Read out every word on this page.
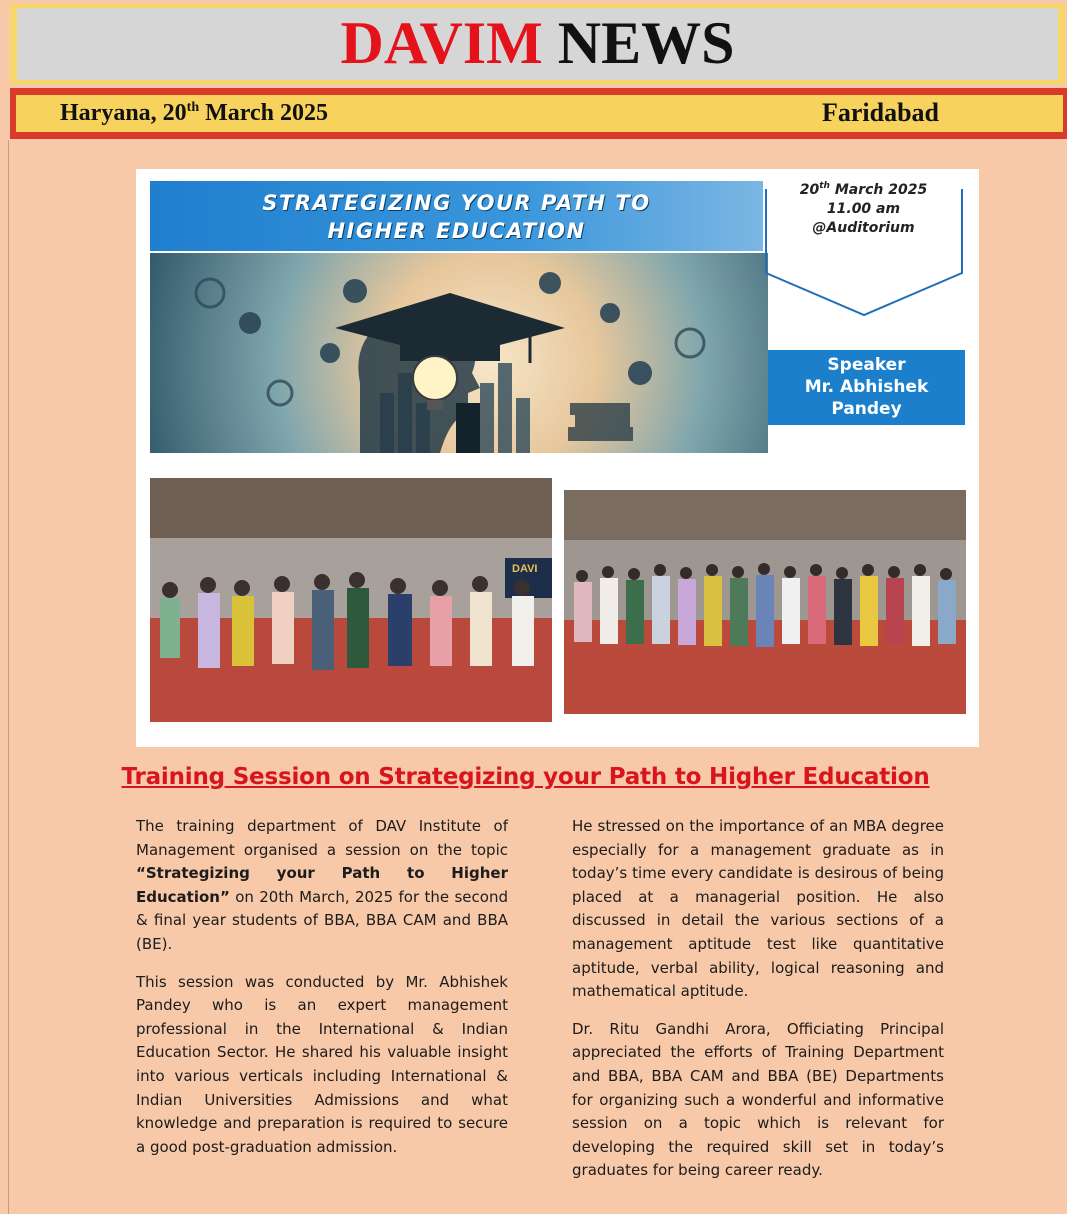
DAVIM NEWS
Haryana, 20th March 2025	Faridabad
STRATEGIZING YOUR PATH TO
HIGHER EDUCATION
20th March 2025
11.00 am
@Auditorium
Speaker
Mr. Abhishek
Pandey
DAVI
Training Session on Strategizing your Path to Higher Education

The training department of DAV Institute of Management organised a session on the topic “Strategizing your Path to Higher Education” on 20th March, 2025 for the second & final year students of BBA, BBA CAM and BBA (BE).

This session was conducted by Mr. Abhishek Pandey who is an expert management professional in the International & Indian Education Sector. He shared his valuable insight into various verticals including International & Indian Universities Admissions and what knowledge and preparation is required to secure a good post-graduation admission.

He stressed on the importance of an MBA degree especially for a management graduate as in today’s time every candidate is desirous of being placed at a managerial position. He also discussed in detail the various sections of a management aptitude test like quantitative aptitude, verbal ability, logical reasoning and mathematical aptitude.

Dr. Ritu Gandhi Arora, Officiating Principal appreciated the efforts of Training Department and BBA, BBA CAM and BBA (BE) Departments for organizing such a wonderful and informative session on a topic which is relevant for developing the required skill set in today’s graduates for being career ready.
